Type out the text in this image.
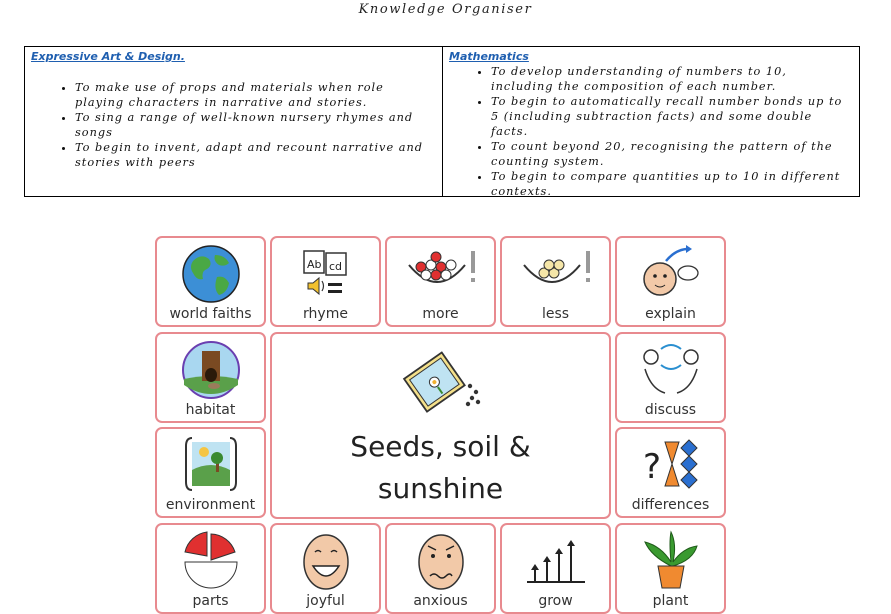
Knowledge Organiser
Expressive Art & Design.
• To make use of props and materials when role playing characters in narrative and stories.
• To sing a range of well-known nursery rhymes and songs
• To begin to invent, adapt and recount narrative and stories with peers
Mathematics
• To develop understanding of numbers to 10, including the composition of each number.
• To begin to automatically recall number bonds up to 5 (including subtraction facts) and some double facts.
• To count beyond 20, recognising the pattern of the counting system.
• To begin to compare quantities up to 10 in different contexts.
world faiths
Ab cd
rhyme	more	less	explain
habitat
Seeds, soil &
sunshine
discuss
environment
?
differences
parts	joyful	anxious	grow	plant
